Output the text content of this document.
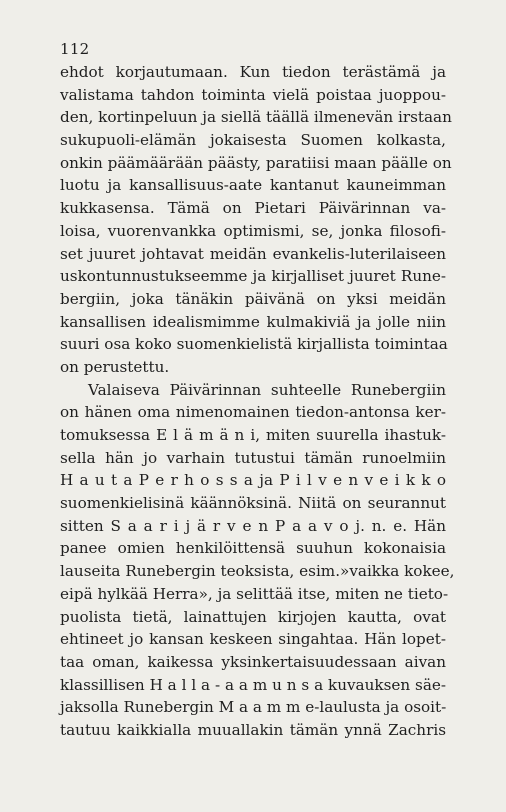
112
ehdot korjautumaan. Kun tiedon terästämä ja
valistama tahdon toiminta vielä poistaa juoppou-
den, kortinpeluun ja siellä täällä ilmenevän irstaan
sukupuoli-elämän jokaisesta Suomen kolkasta,
onkin päämäärään päästy, paratiisi maan päälle on
luotu ja kansallisuus-aate kantanut kauneimman
kukkasensa. Tämä on Pietari Päivärinnan va-
loisa, vuorenvankka optimismi, se, jonka filosofi-
set juuret johtavat meidän evankelis-luterilaiseen
uskontunnustukseemme ja kirjalliset juuret Rune-
bergiin, joka tänäkin päivänä on yksi meidän
kansallisen idealismimme kulmakiviä ja jolle niin
suuri osa koko suomenkielistä kirjallista toimintaa
on perustettu.
Valaiseva Päivärinnan suhteelle Runebergiin
on hänen oma nimenomainen tiedon-antonsa ker-
tomuksessa E l ä m ä n i, miten suurella ihastuk-
sella hän jo varhain tutustui tämän runoelmiin
H a u t a P e r h o s s a ja P i l v e n v e i k k o
suomenkielisinä käännöksinä. Niitä on seurannut
sitten S a a r i j ä r v e n P a a v o j. n. e. Hän
panee omien henkilöittensä suuhun kokonaisia
lauseita Runebergin teoksista, esim.»vaikka kokee,
eipä hylkää Herra», ja selittää itse, miten ne tieto-
puolista tietä, lainattujen kirjojen kautta, ovat
ehtineet jo kansan keskeen singahtaa. Hän lopet-
taa oman, kaikessa yksinkertaisuudessaan aivan
klassillisen H a l l a - a a m u n s a kuvauksen säe-
jaksolla Runebergin M a a m m e-laulusta ja osoit-
tautuu kaikkialla muuallakin tämän ynnä Zachris
